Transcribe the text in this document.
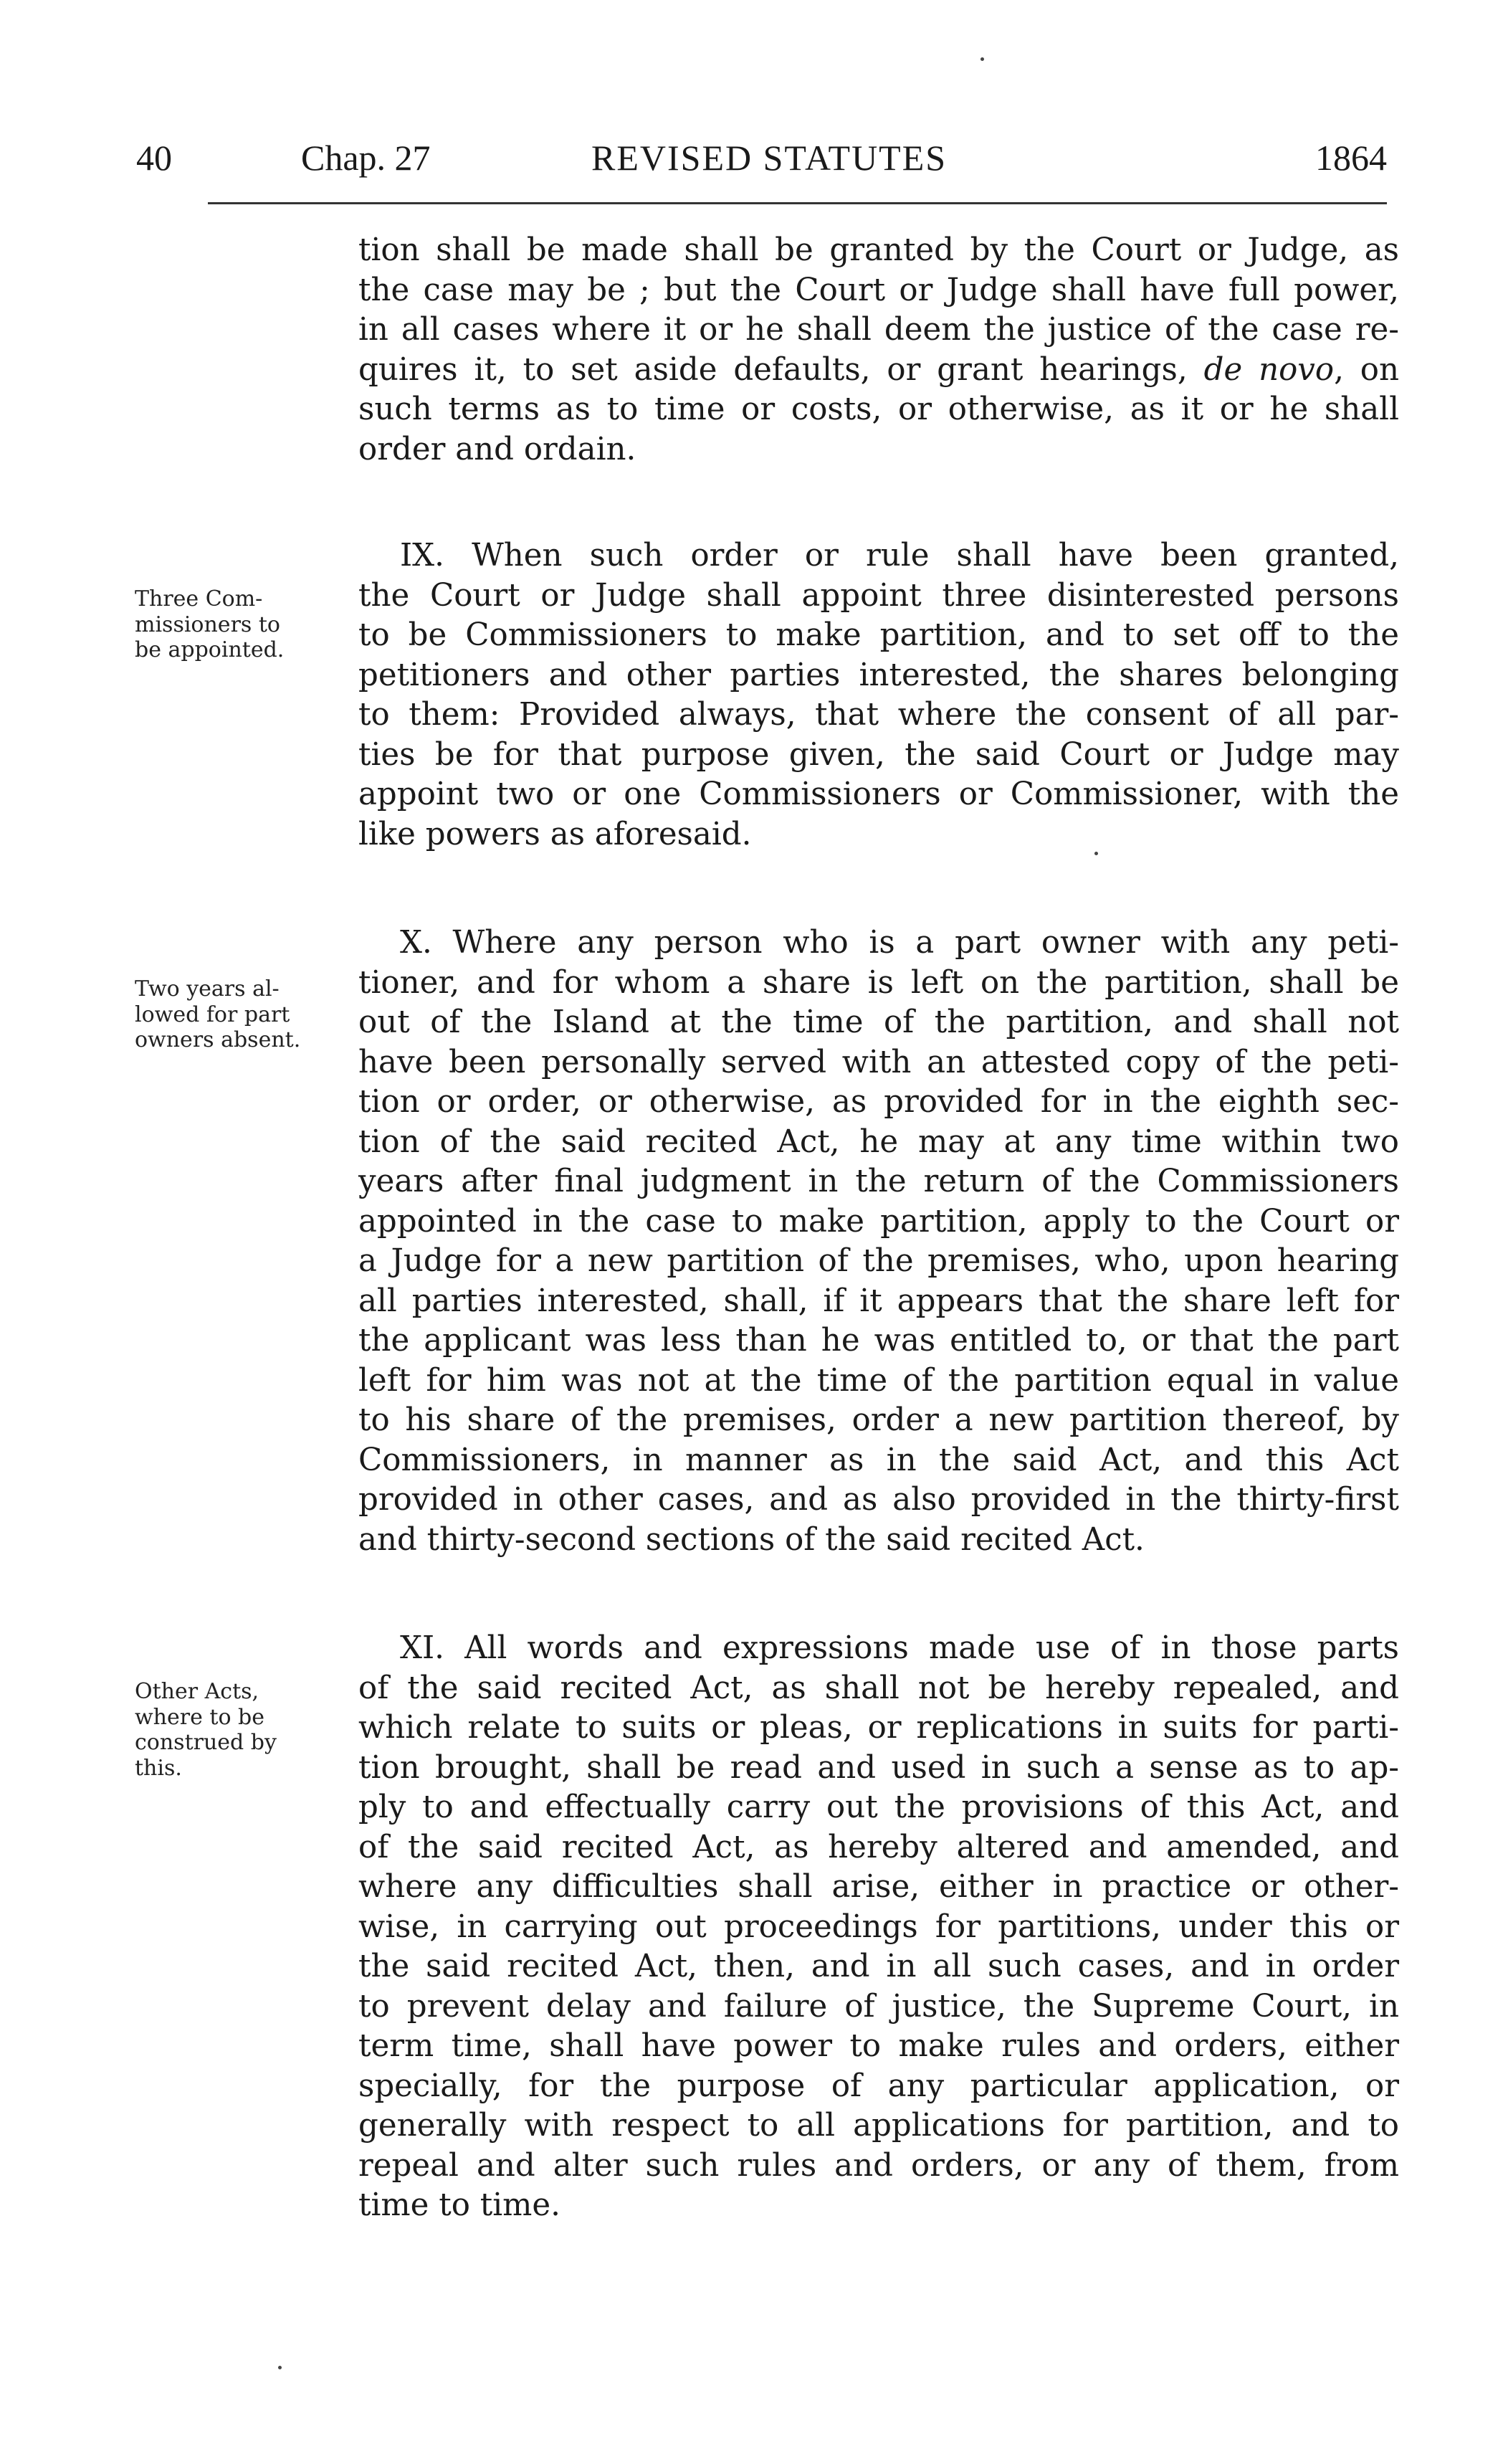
40	Chap. 27	REVISED STATUTES	1864
tion shall be made shall be granted by the Court or Judge, as
the case may be ; but the Court or Judge shall have full power,
in all cases where it or he shall deem the justice of the case re-
quires it, to set aside defaults, or grant hearings, de novo, on
such terms as to time or costs, or otherwise, as it or he shall
order and ordain.
Three Com-
missioners to
be appointed.
IX. When such order or rule shall have been granted,
the Court or Judge shall appoint three disinterested persons
to be Commissioners to make partition, and to set off to the
petitioners and other parties interested, the shares belonging
to them: Provided always, that where the consent of all par-
ties be for that purpose given, the said Court or Judge may
appoint two or one Commissioners or Commissioner, with the
like powers as aforesaid.
Two years al-
lowed for part
owners absent.
X. Where any person who is a part owner with any peti-
tioner, and for whom a share is left on the partition, shall be
out of the Island at the time of the partition, and shall not
have been personally served with an attested copy of the peti-
tion or order, or otherwise, as provided for in the eighth sec-
tion of the said recited Act, he may at any time within two
years after final judgment in the return of the Commissioners
appointed in the case to make partition, apply to the Court or
a Judge for a new partition of the premises, who, upon hearing
all parties interested, shall, if it appears that the share left for
the applicant was less than he was entitled to, or that the part
left for him was not at the time of the partition equal in value
to his share of the premises, order a new partition thereof, by
Commissioners, in manner as in the said Act, and this Act
provided in other cases, and as also provided in the thirty-first
and thirty-second sections of the said recited Act.
Other Acts,
where to be
construed by
this.
XI. All words and expressions made use of in those parts
of the said recited Act, as shall not be hereby repealed, and
which relate to suits or pleas, or replications in suits for parti-
tion brought, shall be read and used in such a sense as to ap-
ply to and effectually carry out the provisions of this Act, and
of the said recited Act, as hereby altered and amended, and
where any difficulties shall arise, either in practice or other-
wise, in carrying out proceedings for partitions, under this or
the said recited Act, then, and in all such cases, and in order
to prevent delay and failure of justice, the Supreme Court, in
term time, shall have power to make rules and orders, either
specially, for the purpose of any particular application, or
generally with respect to all applications for partition, and to
repeal and alter such rules and orders, or any of them, from
time to time.
